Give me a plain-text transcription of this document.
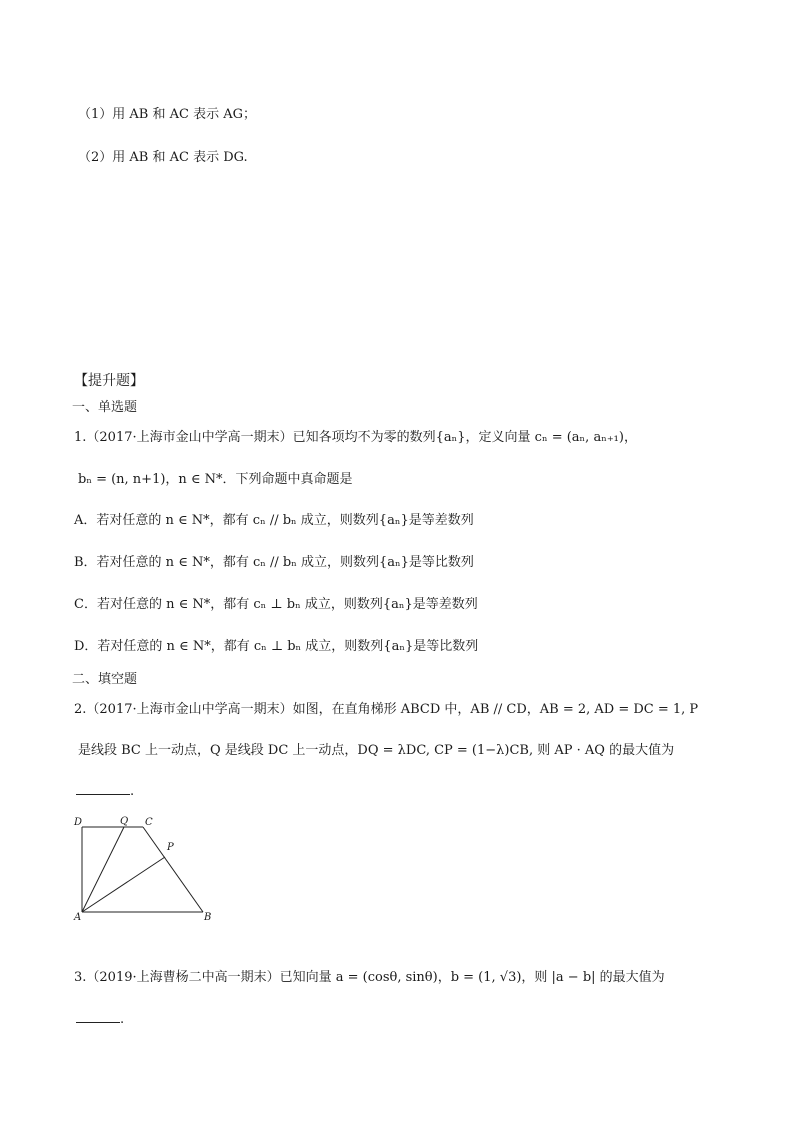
（1）用 AB 和 AC 表示 AG；
（2）用 AB 和 AC 表示 DG.
【提升题】
一、单选题
1.（2017·上海市金山中学高一期末）已知各项均不为零的数列{aₙ}，定义向量 cₙ = (aₙ, aₙ₊₁)，
bₙ = (n, n+1)，n ∈ N*．下列命题中真命题是
A．若对任意的 n ∈ N*，都有 cₙ // bₙ 成立，则数列{aₙ}是等差数列
B．若对任意的 n ∈ N*，都有 cₙ // bₙ 成立，则数列{aₙ}是等比数列
C．若对任意的 n ∈ N*，都有 cₙ ⊥ bₙ 成立，则数列{aₙ}是等差数列
D．若对任意的 n ∈ N*，都有 cₙ ⊥ bₙ 成立，则数列{aₙ}是等比数列
二、填空题
2.（2017·上海市金山中学高一期末）如图，在直角梯形 ABCD 中，AB // CD，AB = 2, AD = DC = 1, P
是线段 BC 上一动点，Q 是线段 DC 上一动点，DQ = λDC, CP = (1−λ)CB, 则 AP · AQ 的最大值为
.
D	Q C
P
A	B
3.（2019·上海曹杨二中高一期末）已知向量 a = (cosθ, sinθ)，b = (1, √3)，则 |a − b| 的最大值为
.
